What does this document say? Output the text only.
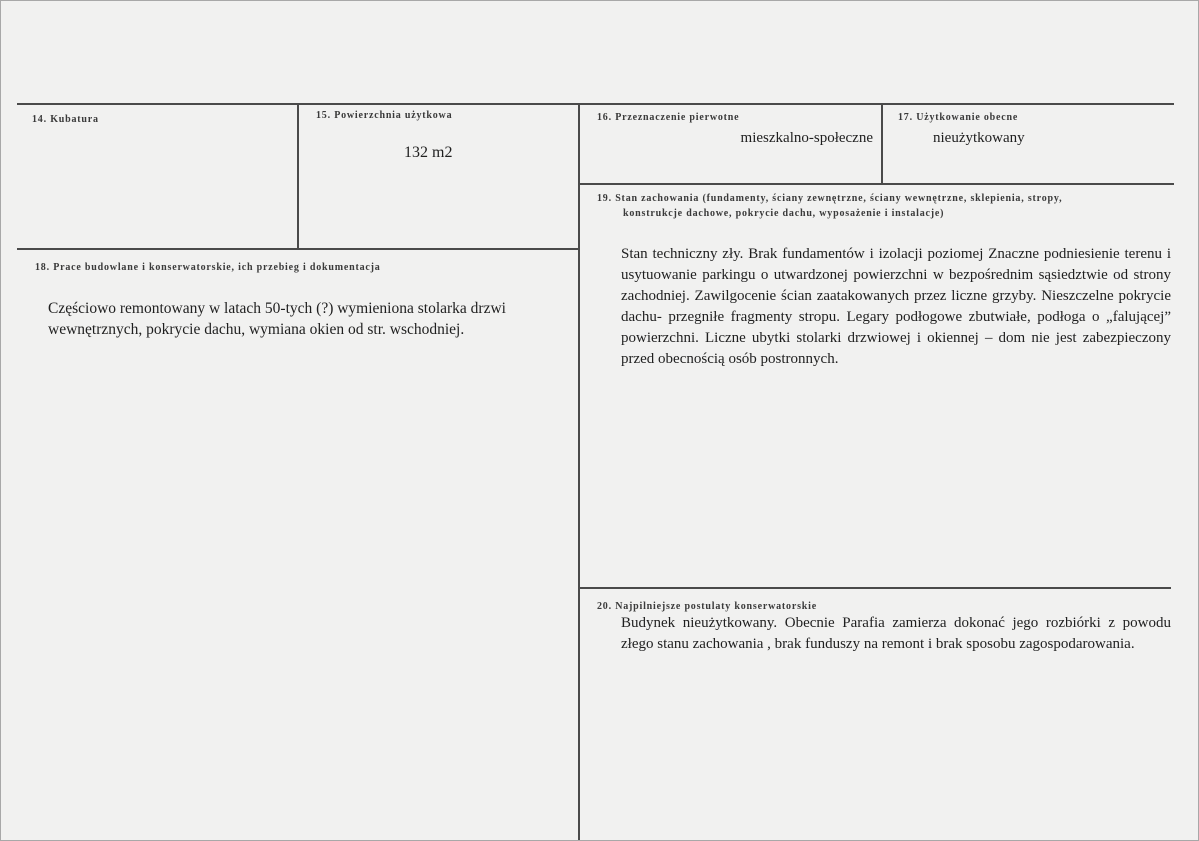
14. Kubatura	15. Powierzchnia użytkowa
132 m2
16. Przeznaczenie pierwotne
mieszkalno-społeczne
17. Użytkowanie obecne
nieużytkowany
18. Prace budowlane i konserwatorskie, ich przebieg i dokumentacja
Częściowo remontowany w latach 50-tych (?) wymieniona stolarka drzwi wewnętrznych, pokrycie dachu, wymiana okien od str. wschodniej.
19. Stan zachowania (fundamenty, ściany zewnętrzne, ściany wewnętrzne, sklepienia, stropy,
konstrukcje dachowe, pokrycie dachu, wyposażenie i instalacje)
Stan techniczny zły. Brak fundamentów i izolacji poziomej Znaczne podniesienie terenu i usytuowanie parkingu o utwardzonej powierzchni w bezpośrednim sąsiedztwie od strony zachodniej. Zawilgocenie ścian zaatakowanych przez liczne grzyby. Nieszczelne pokrycie dachu- przegniłe fragmenty stropu. Legary podłogowe zbutwiałe, podłoga o „falującej” powierzchni. Liczne ubytki stolarki drzwiowej i okiennej – dom nie jest zabezpieczony przed obecnością osób postronnych.
20. Najpilniejsze postulaty konserwatorskie
Budynek nieużytkowany. Obecnie Parafia zamierza dokonać jego rozbiórki z powodu złego stanu zachowania , brak funduszy na remont i brak sposobu zagospodarowania.
